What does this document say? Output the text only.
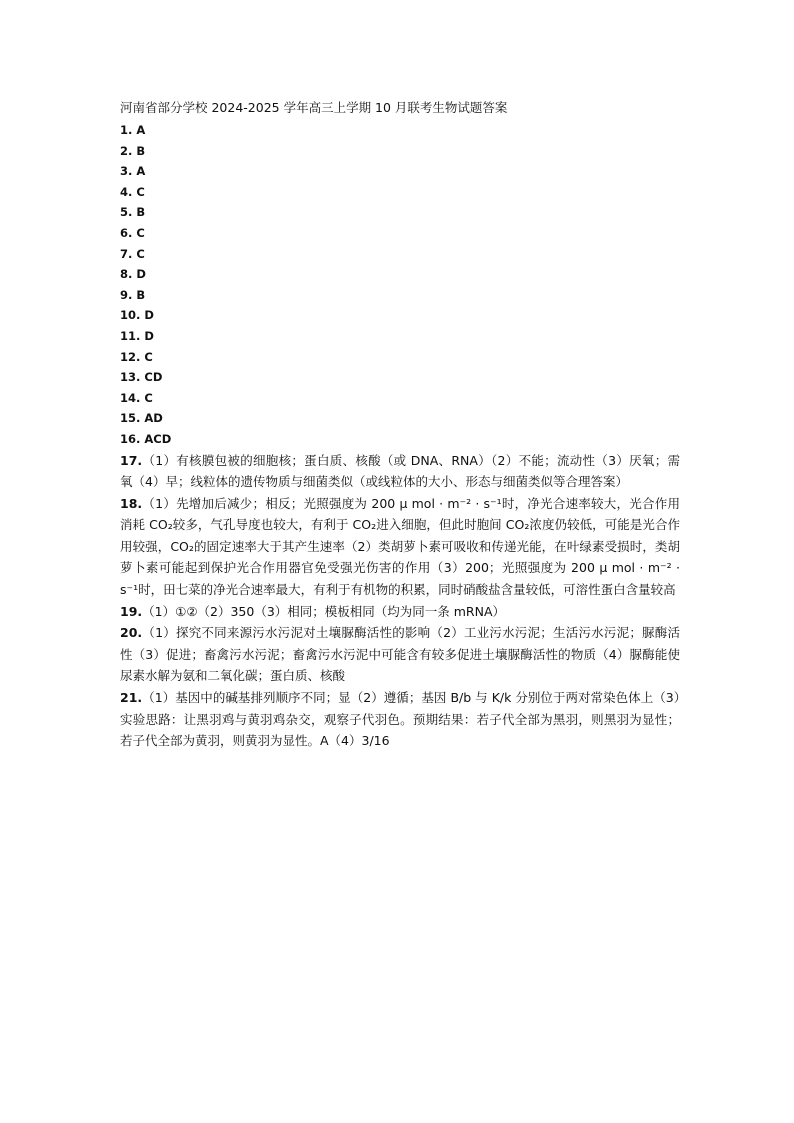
河南省部分学校 2024-2025 学年高三上学期 10 月联考生物试题答案
1. A
2. B
3. A
4. C
5. B
6. C
7. C
8. D
9. B
10. D
11. D
12. C
13. CD
14. C
15. AD
16. ACD

17.（1）有核膜包被的细胞核；蛋白质、核酸（或 DNA、RNA）（2）不能；流动性（3）厌氧；需氧（4）早；线粒体的遗传物质与细菌类似（或线粒体的大小、形态与细菌类似等合理答案）

18.（1）先增加后减少；相反；光照强度为 200 μ mol · m⁻² · s⁻¹时，净光合速率较大，光合作用消耗 CO₂较多，气孔导度也较大，有利于 CO₂进入细胞，但此时胞间 CO₂浓度仍较低，可能是光合作用较强，CO₂的固定速率大于其产生速率（2）类胡萝卜素可吸收和传递光能，在叶绿素受损时，类胡萝卜素可能起到保护光合作用器官免受强光伤害的作用（3）200；光照强度为 200 μ mol · m⁻² · s⁻¹时，田七菜的净光合速率最大，有利于有机物的积累，同时硝酸盐含量较低，可溶性蛋白含量较高

19.（1）①②（2）350（3）相同；模板相同（均为同一条 mRNA）

20.（1）探究不同来源污水污泥对土壤脲酶活性的影响（2）工业污水污泥；生活污水污泥；脲酶活性（3）促进；畜禽污水污泥；畜禽污水污泥中可能含有较多促进土壤脲酶活性的物质（4）脲酶能使尿素水解为氨和二氧化碳；蛋白质、核酸

21.（1）基因中的碱基排列顺序不同；显（2）遵循；基因 B/b 与 K/k 分别位于两对常染色体上（3）实验思路：让黑羽鸡与黄羽鸡杂交，观察子代羽色。预期结果：若子代全部为黑羽，则黑羽为显性；若子代全部为黄羽，则黄羽为显性。A（4）3/16
